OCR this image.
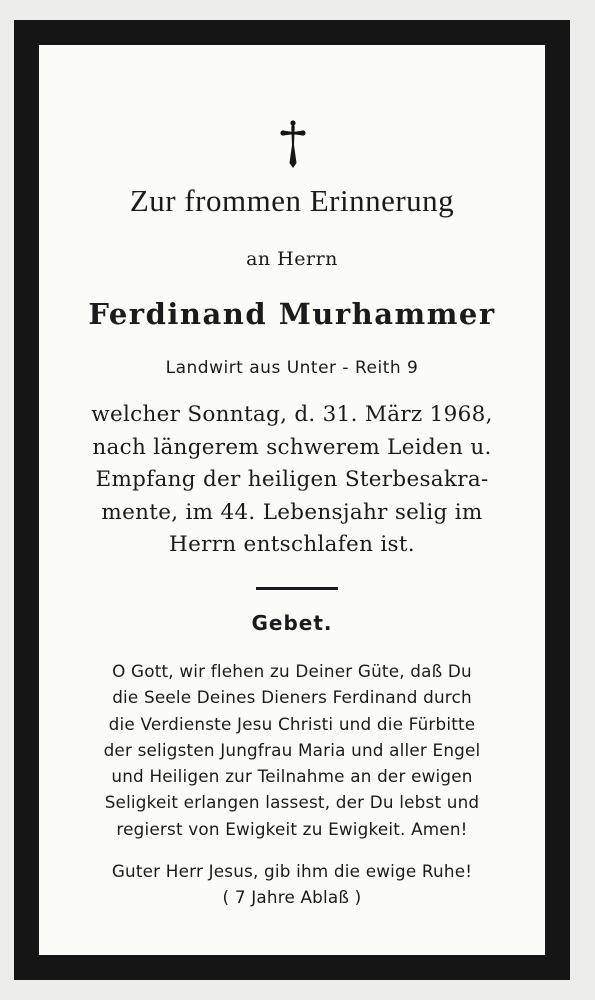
Zur frommen Erinnerung
an Herrn
Ferdinand Murhammer
Landwirt aus Unter - Reith 9
welcher Sonntag, d. 31. März 1968,
nach längerem schwerem Leiden u.
Empfang der heiligen Sterbesakra-
mente, im 44. Lebensjahr selig im
Herrn entschlafen ist.
Gebet.
O Gott, wir flehen zu Deiner Güte, daß Du
die Seele Deines Dieners Ferdinand durch
die Verdienste Jesu Christi und die Fürbitte
der seligsten Jungfrau Maria und aller Engel
und Heiligen zur Teilnahme an der ewigen
Seligkeit erlangen lassest, der Du lebst und
regierst von Ewigkeit zu Ewigkeit. Amen!
Guter Herr Jesus, gib ihm die ewige Ruhe!
( 7 Jahre Ablaß )
